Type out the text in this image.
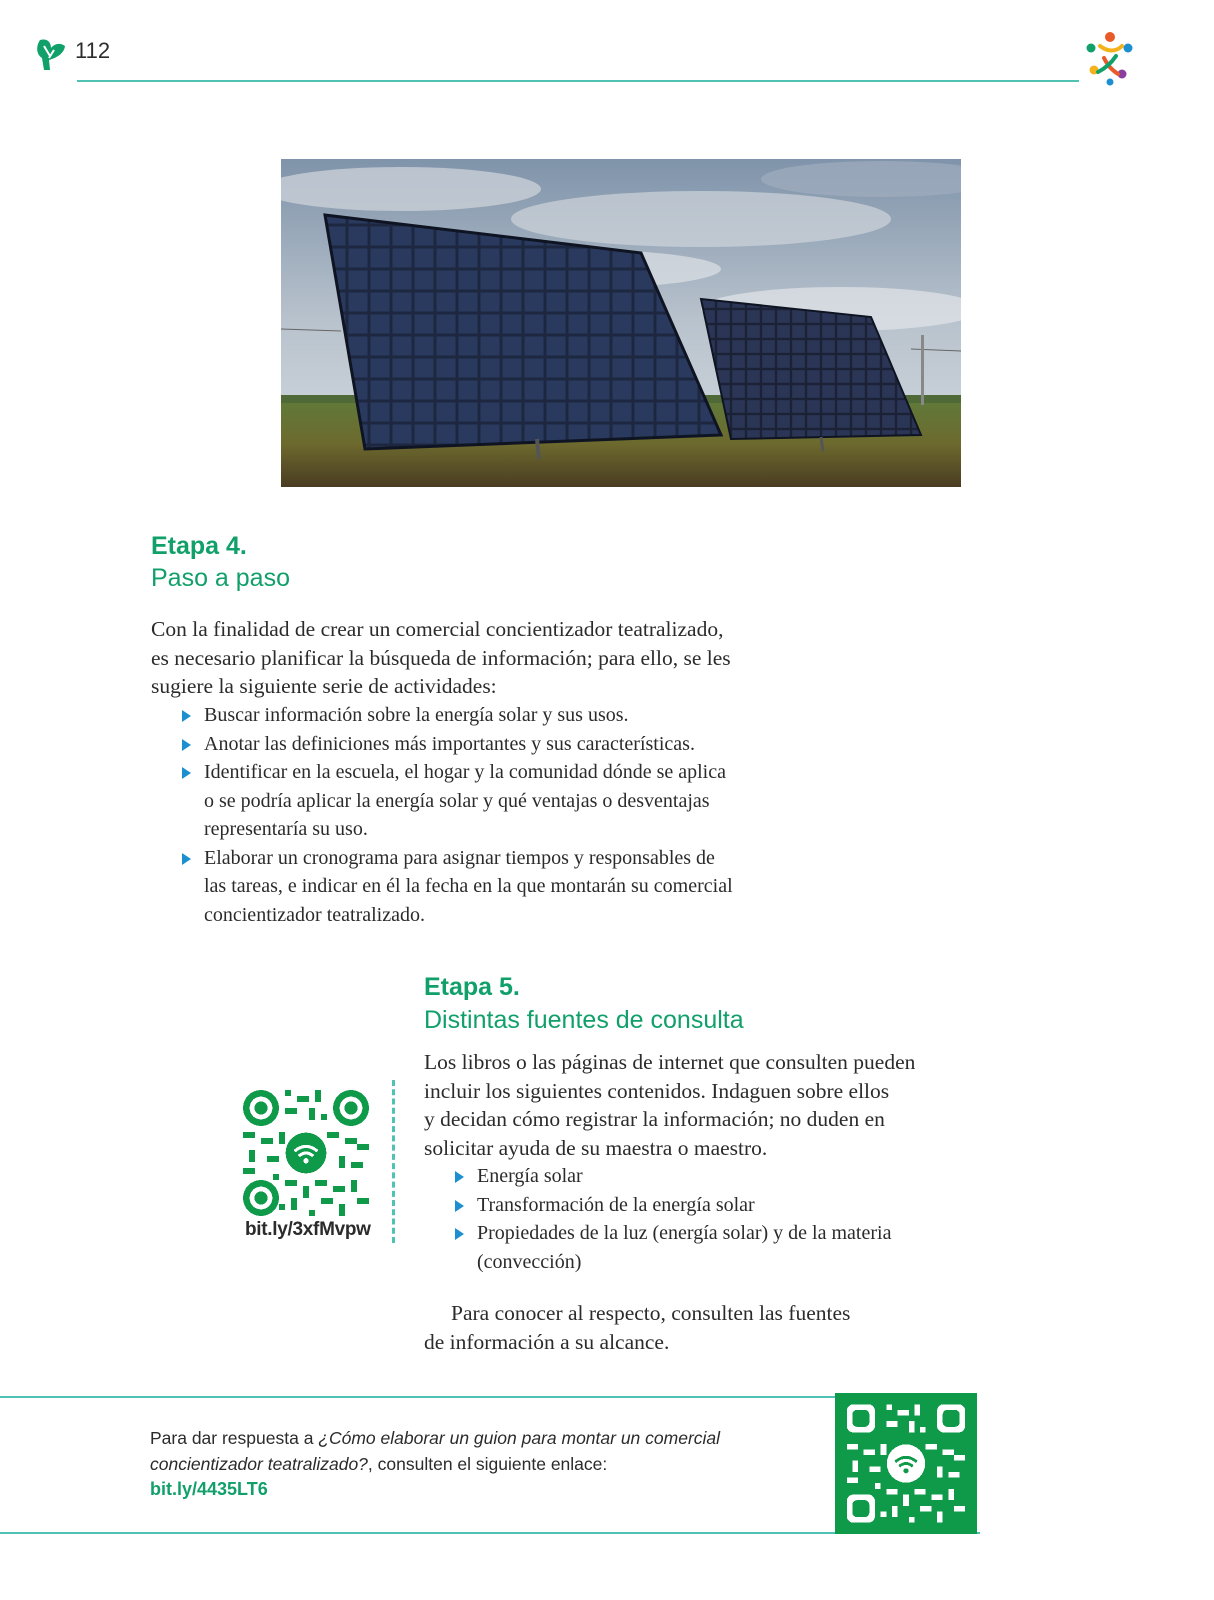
112
Etapa 4.
Paso a paso
Con la finalidad de crear un comercial concientizador teatralizado,
es necesario planificar la búsqueda de información; para ello, se les
sugiere la siguiente serie de actividades:
Buscar información sobre la energía solar y sus usos.
Anotar las definiciones más importantes y sus características.
Identificar en la escuela, el hogar y la comunidad dónde se aplica
o se podría aplicar la energía solar y qué ventajas o desventajas
representaría su uso.
Elaborar un cronograma para asignar tiempos y responsables de
las tareas, e indicar en él la fecha en la que montarán su comercial
concientizador teatralizado.
Etapa 5.
Distintas fuentes de consulta
bit.ly/3xfMvpw
Los libros o las páginas de internet que consulten pueden
incluir los siguientes contenidos. Indaguen sobre ellos
y decidan cómo registrar la información; no duden en
solicitar ayuda de su maestra o maestro.
Energía solar
Transformación de la energía solar
Propiedades de la luz (energía solar) y de la materia
(convección)
Para conocer al respecto, consulten las fuentes
de información a su alcance.
Para dar respuesta a ¿Cómo elaborar un guion para montar un comercial
concientizador teatralizado?, consulten el siguiente enlace:
bit.ly/4435LT6
